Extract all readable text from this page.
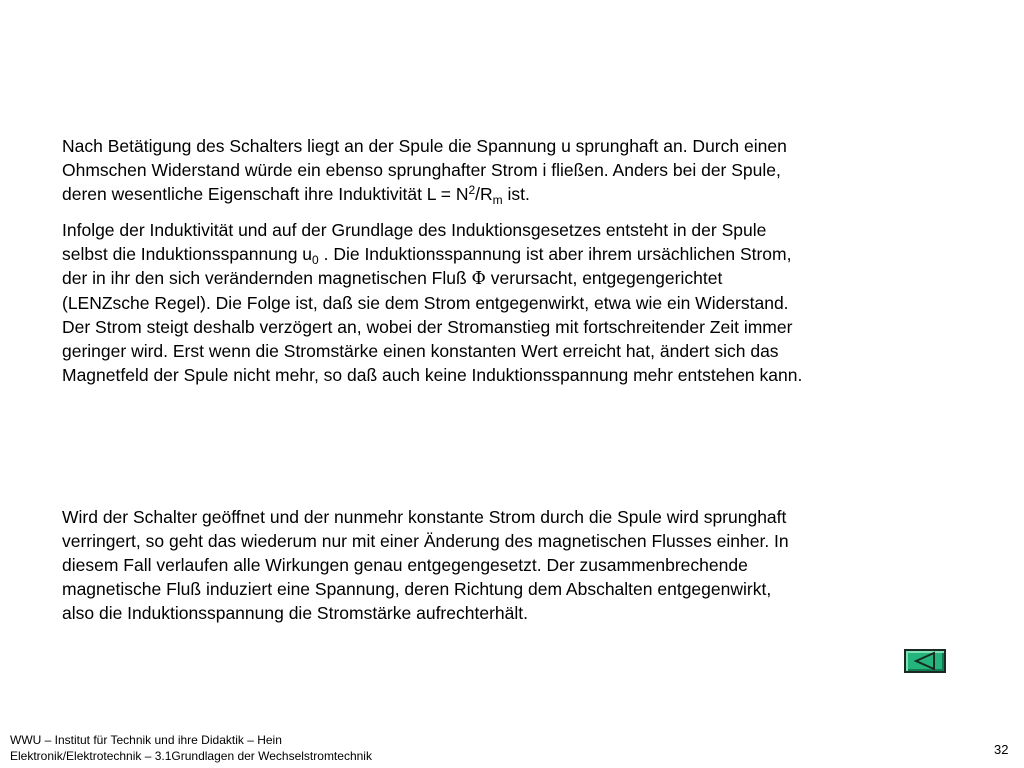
Nach Betätigung des Schalters liegt an der Spule die Spannung u sprunghaft an. Durch einen
Ohmschen Widerstand würde ein ebenso sprunghafter Strom i fließen. Anders bei der Spule,
deren wesentliche Eigenschaft ihre Induktivität $L = N^2/R_m$ ist.

Infolge der Induktivität und auf der Grundlage des Induktionsgesetzes entsteht in der Spule
selbst die Induktionsspannung $u_0$ . Die Induktionsspannung ist aber ihrem ursächlichen Strom,
der in ihr den sich verändernden magnetischen Fluß Φ verursacht, entgegengerichtet
(LENZsche Regel). Die Folge ist, daß sie dem Strom entgegenwirkt, etwa wie ein Widerstand.
Der Strom steigt deshalb verzögert an, wobei der Stromanstieg mit fortschreitender Zeit immer
geringer wird. Erst wenn die Stromstärke einen konstanten Wert erreicht hat, ändert sich das
Magnetfeld der Spule nicht mehr, so daß auch keine Induktionsspannung mehr entstehen kann.

Wird der Schalter geöffnet und der nunmehr konstante Strom durch die Spule wird sprunghaft
verringert, so geht das wiederum nur mit einer Änderung des magnetischen Flusses einher. In
diesem Fall verlaufen alle Wirkungen genau entgegengesetzt. Der zusammenbrechende
magnetische Fluß induziert eine Spannung, deren Richtung dem Abschalten entgegenwirkt,
also die Induktionsspannung die Stromstärke aufrechterhält.

WWU – Institut für Technik und ihre Didaktik – Hein
Elektronik/Elektrotechnik – 3.1Grundlagen der Wechselstromtechnik	32
